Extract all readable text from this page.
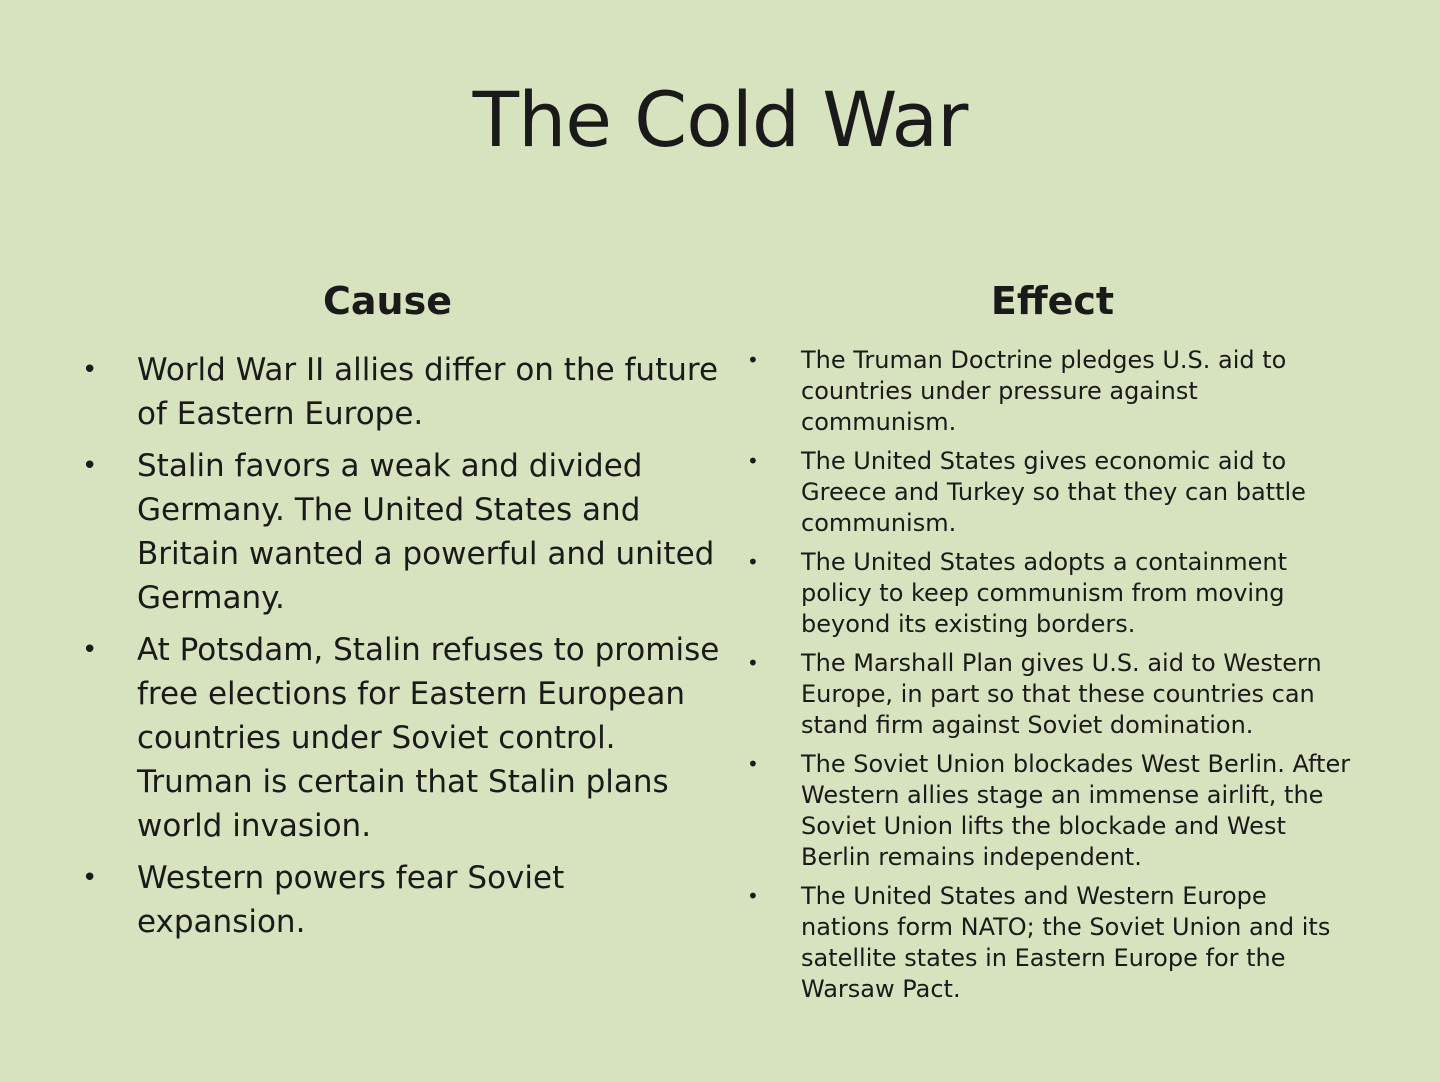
The Cold War
Cause	Effect
• World War II allies differ on the future of Eastern Europe.
• Stalin favors a weak and divided Germany. The United States and Britain wanted a powerful and united Germany.
• At Potsdam, Stalin refuses to promise free elections for Eastern European countries under Soviet control. Truman is certain that Stalin plans world invasion.
• Western powers fear Soviet expansion.
• The Truman Doctrine pledges U.S. aid to countries under pressure against communism.
• The United States gives economic aid to Greece and Turkey so that they can battle communism.
• The United States adopts a containment policy to keep communism from moving beyond its existing borders.
• The Marshall Plan gives U.S. aid to Western Europe, in part so that these countries can stand firm against Soviet domination.
• The Soviet Union blockades West Berlin. After Western allies stage an immense airlift, the Soviet Union lifts the blockade and West Berlin remains independent.
• The United States and Western Europe nations form NATO; the Soviet Union and its satellite states in Eastern Europe for the Warsaw Pact.
